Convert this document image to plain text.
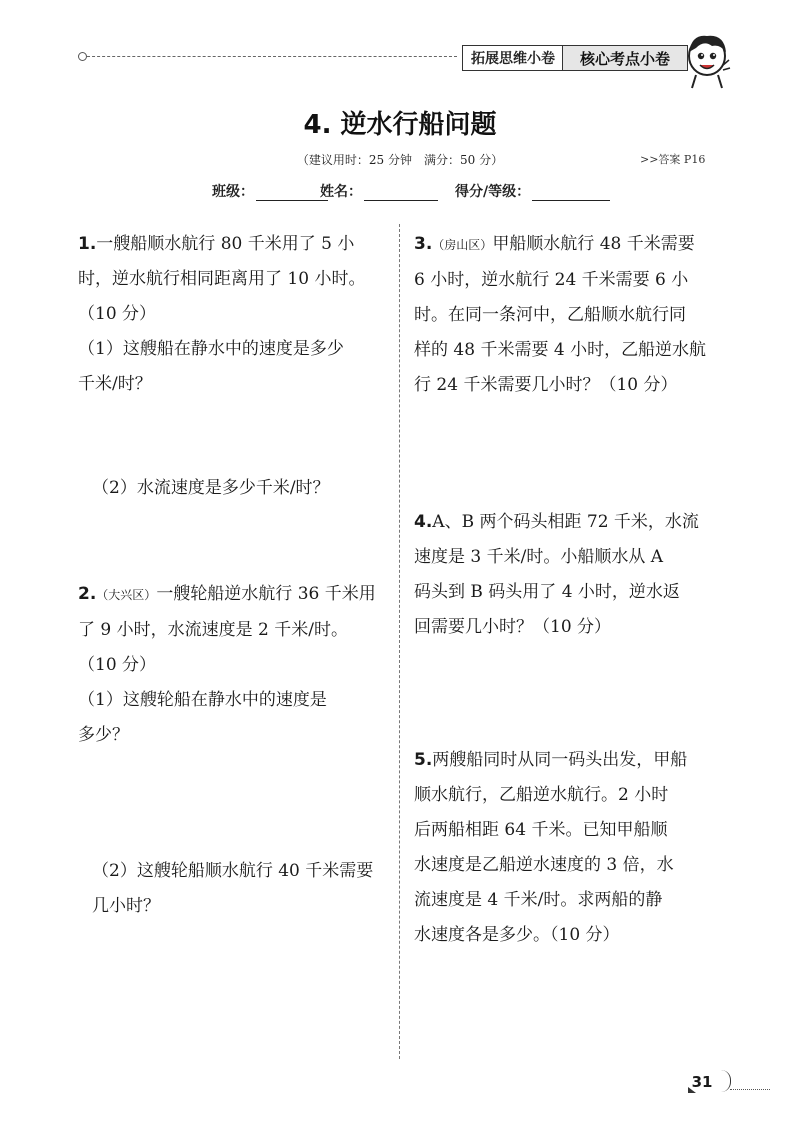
拓展思维小卷	核心考点小卷
4. 逆水行船问题
（建议用时：25 分钟　满分：50 分）	>>答案 P16
班级：	姓名：	得分/等级：
1.一艘船顺水航行 80 千米用了 5 小
时，逆水航行相同距离用了 10 小时。
（10 分）
（1）这艘船在静水中的速度是多少
千米/时？
（2）水流速度是多少千米/时？
2.（大兴区）一艘轮船逆水航行 36 千米用
了 9 小时，水流速度是 2 千米/时。
（10 分）
（1）这艘轮船在静水中的速度是
多少？
（2）这艘轮船顺水航行 40 千米需要
几小时？
3.（房山区）甲船顺水航行 48 千米需要
6 小时，逆水航行 24 千米需要 6 小
时。在同一条河中，乙船顺水航行同
样的 48 千米需要 4 小时，乙船逆水航
行 24 千米需要几小时？（10 分）
4.A、B 两个码头相距 72 千米，水流
速度是 3 千米/时。小船顺水从 A
码头到 B 码头用了 4 小时，逆水返
回需要几小时？（10 分）
5.两艘船同时从同一码头出发，甲船
顺水航行，乙船逆水航行。2 小时
后两船相距 64 千米。已知甲船顺
水速度是乙船逆水速度的 3 倍，水
流速度是 4 千米/时。求两船的静
水速度各是多少。（10 分）
31
